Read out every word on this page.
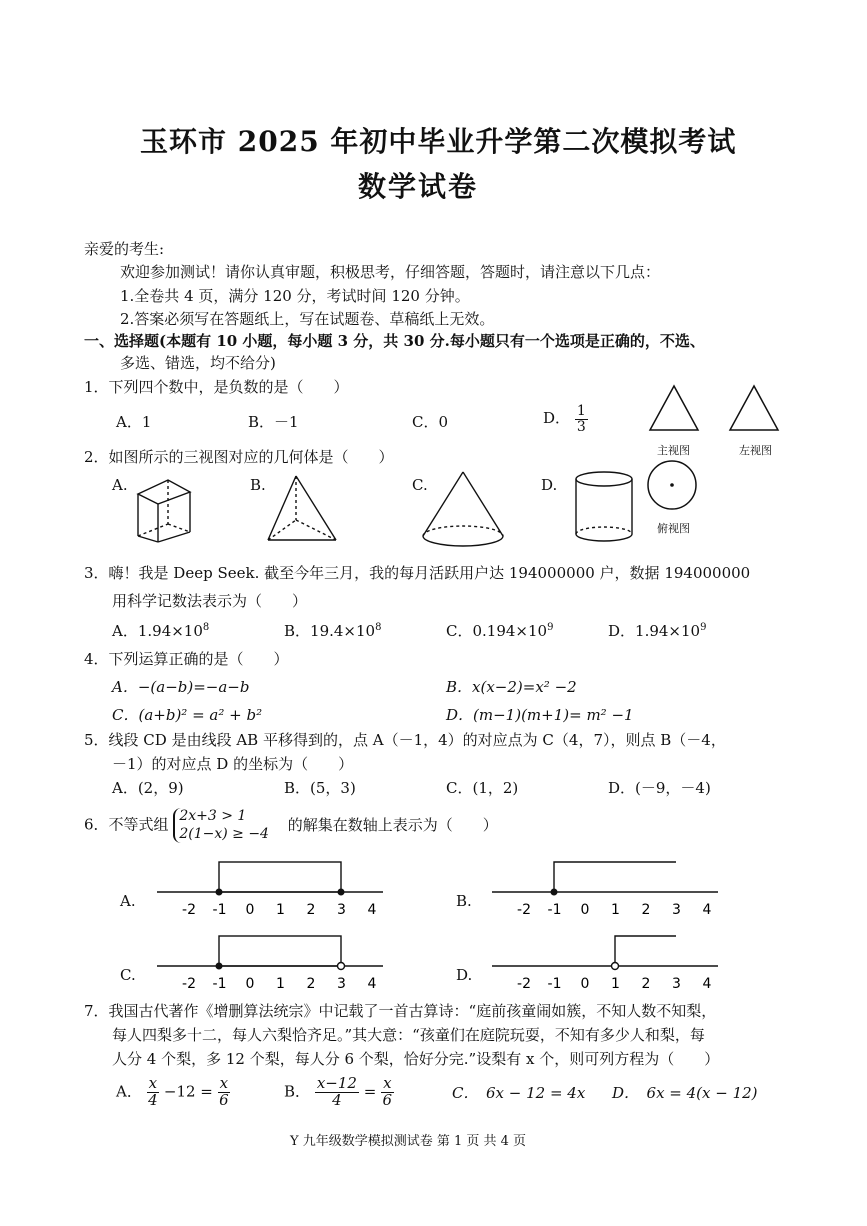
玉环市 2025 年初中毕业升学第二次模拟考试
数学试卷
亲爱的考生:
欢迎参加测试！请你认真审题，积极思考，仔细答题，答题时，请注意以下几点：
1.全卷共 4 页，满分 120 分，考试时间 120 分钟。
2.答案必须写在答题纸上，写在试题卷、草稿纸上无效。
一、选择题(本题有 10 小题，每小题 3 分，共 30 分.每小题只有一个选项是正确的，不选、
多选、错选，均不给分)
1．下列四个数中，是负数的是（　　）
A．1	B．－1	C．0	D． $\frac{1}{3}$
主视图	左视图
俯视图
2．如图所示的三视图对应的几何体是（　　）
A.	B.	C.	D.
3．嗨！我是 Deep Seek. 截至今年三月，我的每月活跃用户达 194000000 户，数据 194000000
用科学记数法表示为（　　）
A．$1.94\times 10^8$	B．$19.4\times 10^8$	C．$0.194\times 10^9$	D．$1.94\times 10^9$
4．下列运算正确的是（　　）
A．−(a−b)=−a−b	B．x(x−2)=x² −2
C．(a+b)² = a² + b²	D．(m−1)(m+1)= m² −1
5．线段 CD 是由线段 AB 平移得到的，点 A（－1，4）的对应点为 C（4，7），则点 B（－4，
－1）的对应点 D 的坐标为（　　）
A．(2，9)	B．(5，3)	C．(1，2)	D．(－9，－4)
6．不等式组 2x+3 > 1
2(1−x) ≥ −4 的解集在数轴上表示为（　　）
A.	B.
C.	D.
-2 -1 0 1 2 3 4	-2 -1 0 1 2 3 4
-2 -1 0 1 2 3 4	-2 -1 0 1 2 3 4
7．我国古代著作《增删算法统宗》中记载了一首古算诗：“庭前孩童闹如簇，不知人数不知梨，
每人四梨多十二，每人六梨恰齐足。”其大意：“孩童们在庭院玩耍，不知有多少人和梨，每
人分 4 个梨，多 12 个梨，每人分 6 个梨，恰好分完.”设梨有 x 个，则可列方程为（　　）
A． $\frac{x}{4} -12 = \frac{x}{6}$	B． $\frac{x-12}{4} = \frac{x}{6}$	C．　6x − 12 = 4x D．　6x = 4(x − 12)
Y 九年级数学模拟测试卷 第 1 页 共 4 页
